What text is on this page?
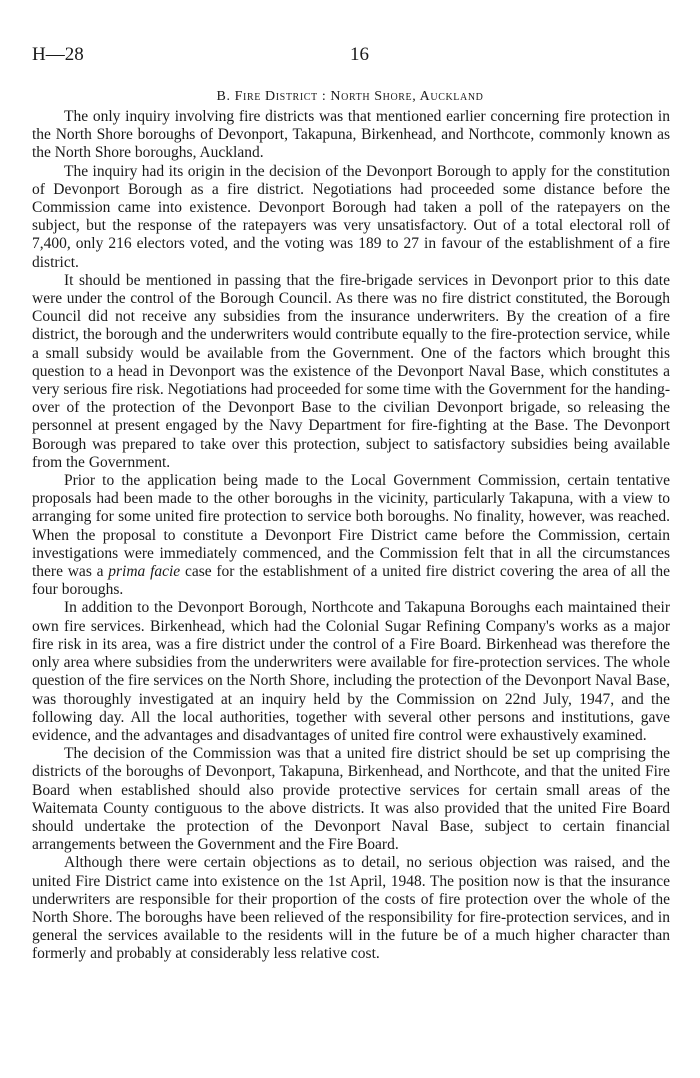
H—28	16
B. Fire District : North Shore, Auckland

The only inquiry involving fire districts was that mentioned earlier concerning fire protection in the North Shore boroughs of Devonport, Takapuna, Birkenhead, and Northcote, commonly known as the North Shore boroughs, Auckland.

The inquiry had its origin in the decision of the Devonport Borough to apply for the constitution of Devonport Borough as a fire district. Negotiations had proceeded some distance before the Commission came into existence. Devonport Borough had taken a poll of the ratepayers on the subject, but the response of the ratepayers was very unsatisfactory. Out of a total electoral roll of 7,400, only 216 electors voted, and the voting was 189 to 27 in favour of the establishment of a fire district.

It should be mentioned in passing that the fire-brigade services in Devonport prior to this date were under the control of the Borough Council. As there was no fire district constituted, the Borough Council did not receive any subsidies from the insurance underwriters. By the creation of a fire district, the borough and the underwriters would contribute equally to the fire-protection service, while a small subsidy would be available from the Government. One of the factors which brought this question to a head in Devonport was the existence of the Devonport Naval Base, which constitutes a very serious fire risk. Negotiations had proceeded for some time with the Government for the handing-over of the protection of the Devonport Base to the civilian Devonport brigade, so releasing the personnel at present engaged by the Navy Department for fire-fighting at the Base. The Devonport Borough was prepared to take over this protection, subject to satisfactory subsidies being available from the Government.

Prior to the application being made to the Local Government Commission, certain tentative proposals had been made to the other boroughs in the vicinity, particularly Takapuna, with a view to arranging for some united fire protection to service both boroughs. No finality, however, was reached. When the proposal to constitute a Devonport Fire District came before the Commission, certain investigations were immediately commenced, and the Commission felt that in all the circumstances there was a prima facie case for the establishment of a united fire district covering the area of all the four boroughs.

In addition to the Devonport Borough, Northcote and Takapuna Boroughs each maintained their own fire services. Birkenhead, which had the Colonial Sugar Refining Company's works as a major fire risk in its area, was a fire district under the control of a Fire Board. Birkenhead was therefore the only area where subsidies from the underwriters were available for fire-protection services. The whole question of the fire services on the North Shore, including the protection of the Devonport Naval Base, was thoroughly investigated at an inquiry held by the Commission on 22nd July, 1947, and the following day. All the local authorities, together with several other persons and institutions, gave evidence, and the advantages and disadvantages of united fire control were exhaustively examined.

The decision of the Commission was that a united fire district should be set up comprising the districts of the boroughs of Devonport, Takapuna, Birkenhead, and Northcote, and that the united Fire Board when established should also provide protective services for certain small areas of the Waitemata County contiguous to the above districts. It was also provided that the united Fire Board should undertake the protection of the Devonport Naval Base, subject to certain financial arrangements between the Government and the Fire Board.

Although there were certain objections as to detail, no serious objection was raised, and the united Fire District came into existence on the 1st April, 1948. The position now is that the insurance underwriters are responsible for their proportion of the costs of fire protection over the whole of the North Shore. The boroughs have been relieved of the responsibility for fire-protection services, and in general the services available to the residents will in the future be of a much higher character than formerly and probably at considerably less relative cost.
